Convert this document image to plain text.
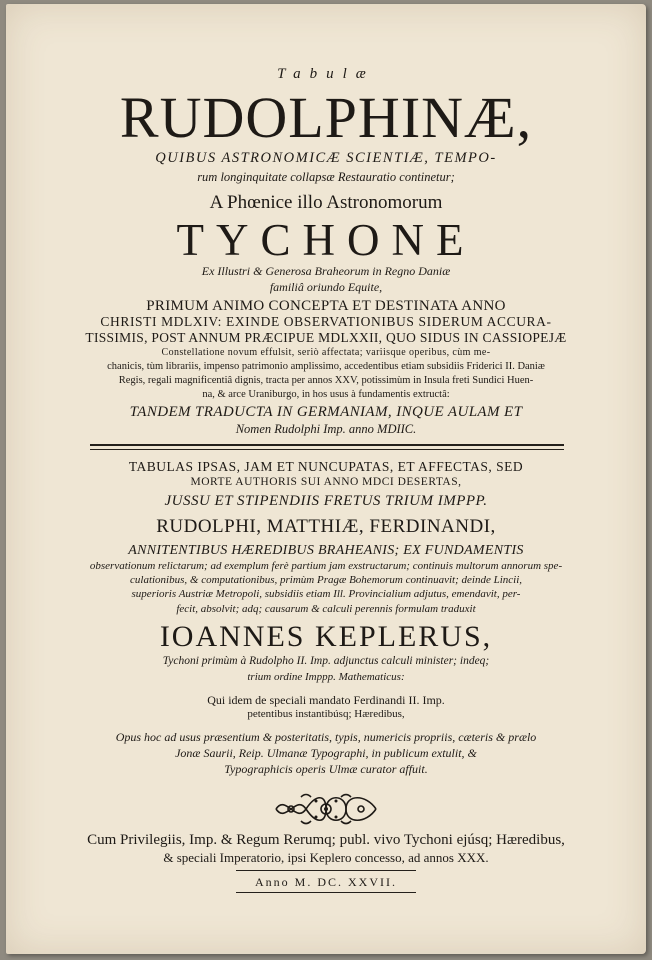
Tabulæ
RUDOLPHINÆ,
QUIBUS ASTRONOMICÆ SCIENTIÆ, TEMPO-
rum longinquitate collapsæ Restauratio continetur;
A Phœnice illo Astronomorum
TYCHONE
Ex Illustri & Generosa Braheorum in Regno Daniæ
familiâ oriundo Equite,
PRIMUM ANIMO CONCEPTA ET DESTINATA ANNO
CHRISTI MDLXIV: EXINDE OBSERVATIONIBUS SIDERUM ACCURA-
TISSIMIS, POST ANNUM PRÆCIPUE MDLXXII, QUO SIDUS IN CASSIOPEJÆ
Constellatione novum effulsit, seriò affectata; variisque operibus, cùm me-
chanicis, tùm librariis, impenso patrimonio amplissimo, accedentibus etiam subsidiis Friderici II. Daniæ
Regis, regali magnificentiâ dignis, tracta per annos XXV, potissimùm in Insula freti Sundici Huen-
na, & arce Uraniburgo, in hos usus à fundamentis extructâ:
TANDEM TRADUCTA IN GERMANIAM, INQUE AULAM ET
Nomen Rudolphi Imp. anno MDIIC.
TABULAS IPSAS, JAM ET NUNCUPATAS, ET AFFECTAS, SED
MORTE AUTHORIS SUI ANNO MDCI DESERTAS,
JUSSU ET STIPENDIIS FRETUS TRIUM IMPPP.
RUDOLPHI, MATTHIÆ, FERDINANDI,
ANNITENTIBUS HÆREDIBUS BRAHEANIS; EX FUNDAMENTIS
observationum relictarum; ad exemplum ferè partium jam exstructarum; continuis multorum annorum spe-
culationibus, & computationibus, primùm Pragæ Bohemorum continuavit; deinde Lincii,
superioris Austriæ Metropoli, subsidiis etiam Ill. Provincialium adjutus, emendavit, per-
fecit, absolvit; adq; causarum & calculi perennis formulam traduxit
IOANNES KEPLERUS,
Tychoni primùm à Rudolpho II. Imp. adjunctus calculi minister; indeq;
trium ordine Imppp. Mathematicus:
Qui idem de speciali mandato Ferdinandi II. Imp.
petentibus instantibúsq; Hæredibus,
Opus hoc ad usus præsentium & posteritatis, typis, numericis propriis, cæteris & prælo
Jonæ Saurii, Reip. Ulmanæ Typographi, in publicum extulit, &
Typographicis operis Ulmæ curator affuit.
Cum Privilegiis, Imp. & Regum Rerumq; publ. vivo Tychoni ejúsq; Hæredibus,
& speciali Imperatorio, ipsi Keplero concesso, ad annos XXX.
Anno M. DC. XXVII.
